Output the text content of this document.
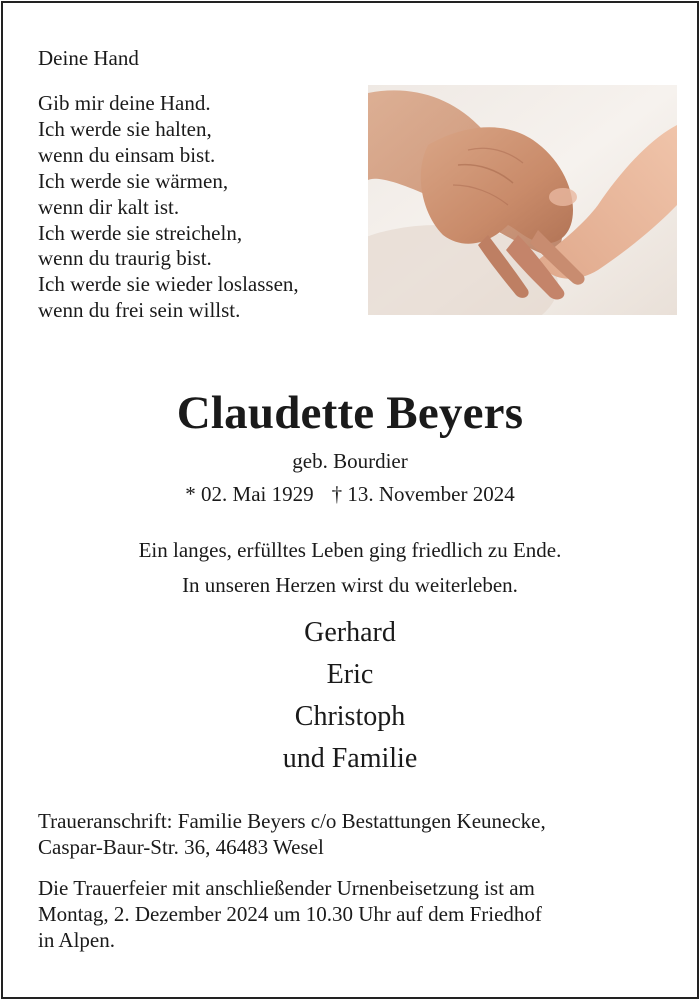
Deine Hand
Gib mir deine Hand.
Ich werde sie halten,
wenn du einsam bist.
Ich werde sie wärmen,
wenn dir kalt ist.
Ich werde sie streicheln,
wenn du traurig bist.
Ich werde sie wieder loslassen,
wenn du frei sein willst.
Claudette Beyers
geb. Bourdier
* 02. Mai 1929 † 13. November 2024
Ein langes, erfülltes Leben ging friedlich zu Ende.
In unseren Herzen wirst du weiterleben.
Gerhard
Eric
Christoph
und Familie
Traueranschrift: Familie Beyers c/o Bestattungen Keunecke,
Caspar-Baur-Str. 36, 46483 Wesel
Die Trauerfeier mit anschließender Urnenbeisetzung ist am
Montag, 2. Dezember 2024 um 10.30 Uhr auf dem Friedhof
in Alpen.
